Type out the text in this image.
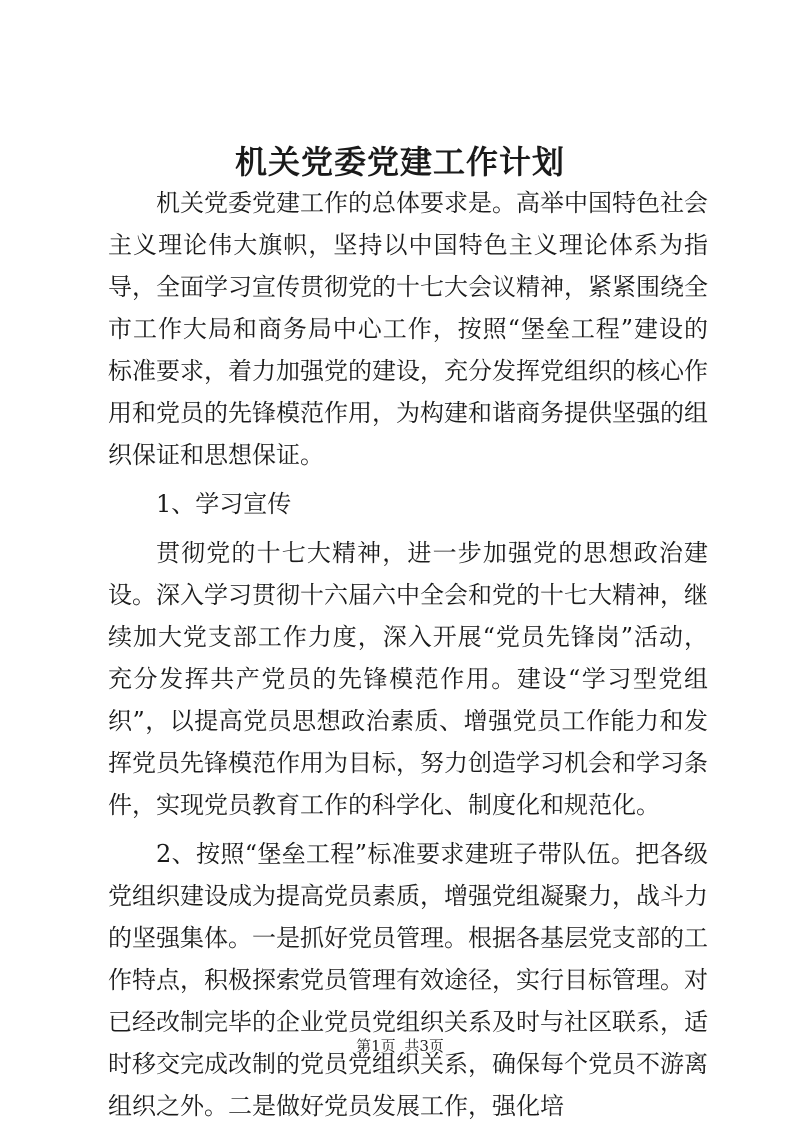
机关党委党建工作计划

机关党委党建工作的总体要求是。高举中国特色社会主义理论伟大旗帜，坚持以中国特色主义理论体系为指导，全面学习宣传贯彻党的十七大会议精神，紧紧围绕全市工作大局和商务局中心工作，按照“堡垒工程”建设的标准要求，着力加强党的建设，充分发挥党组织的核心作用和党员的先锋模范作用，为构建和谐商务提供坚强的组织保证和思想保证。

1、学习宣传

贯彻党的十七大精神，进一步加强党的思想政治建设。深入学习贯彻十六届六中全会和党的十七大精神，继续加大党支部工作力度，深入开展“党员先锋岗”活动，充分发挥共产党员的先锋模范作用。建设“学习型党组织”，以提高党员思想政治素质、增强党员工作能力和发挥党员先锋模范作用为目标，努力创造学习机会和学习条件，实现党员教育工作的科学化、制度化和规范化。

2、按照“堡垒工程”标准要求建班子带队伍。把各级党组织建设成为提高党员素质，增强党组凝聚力，战斗力的坚强集体。一是抓好党员管理。根据各基层党支部的工作特点，积极探索党员管理有效途径，实行目标管理。对已经改制完毕的企业党员党组织关系及时与社区联系，适时移交完成改制的党员党组织关系，确保每个党员不游离组织之外。二是做好党员发展工作，强化培

第1页 共3页
